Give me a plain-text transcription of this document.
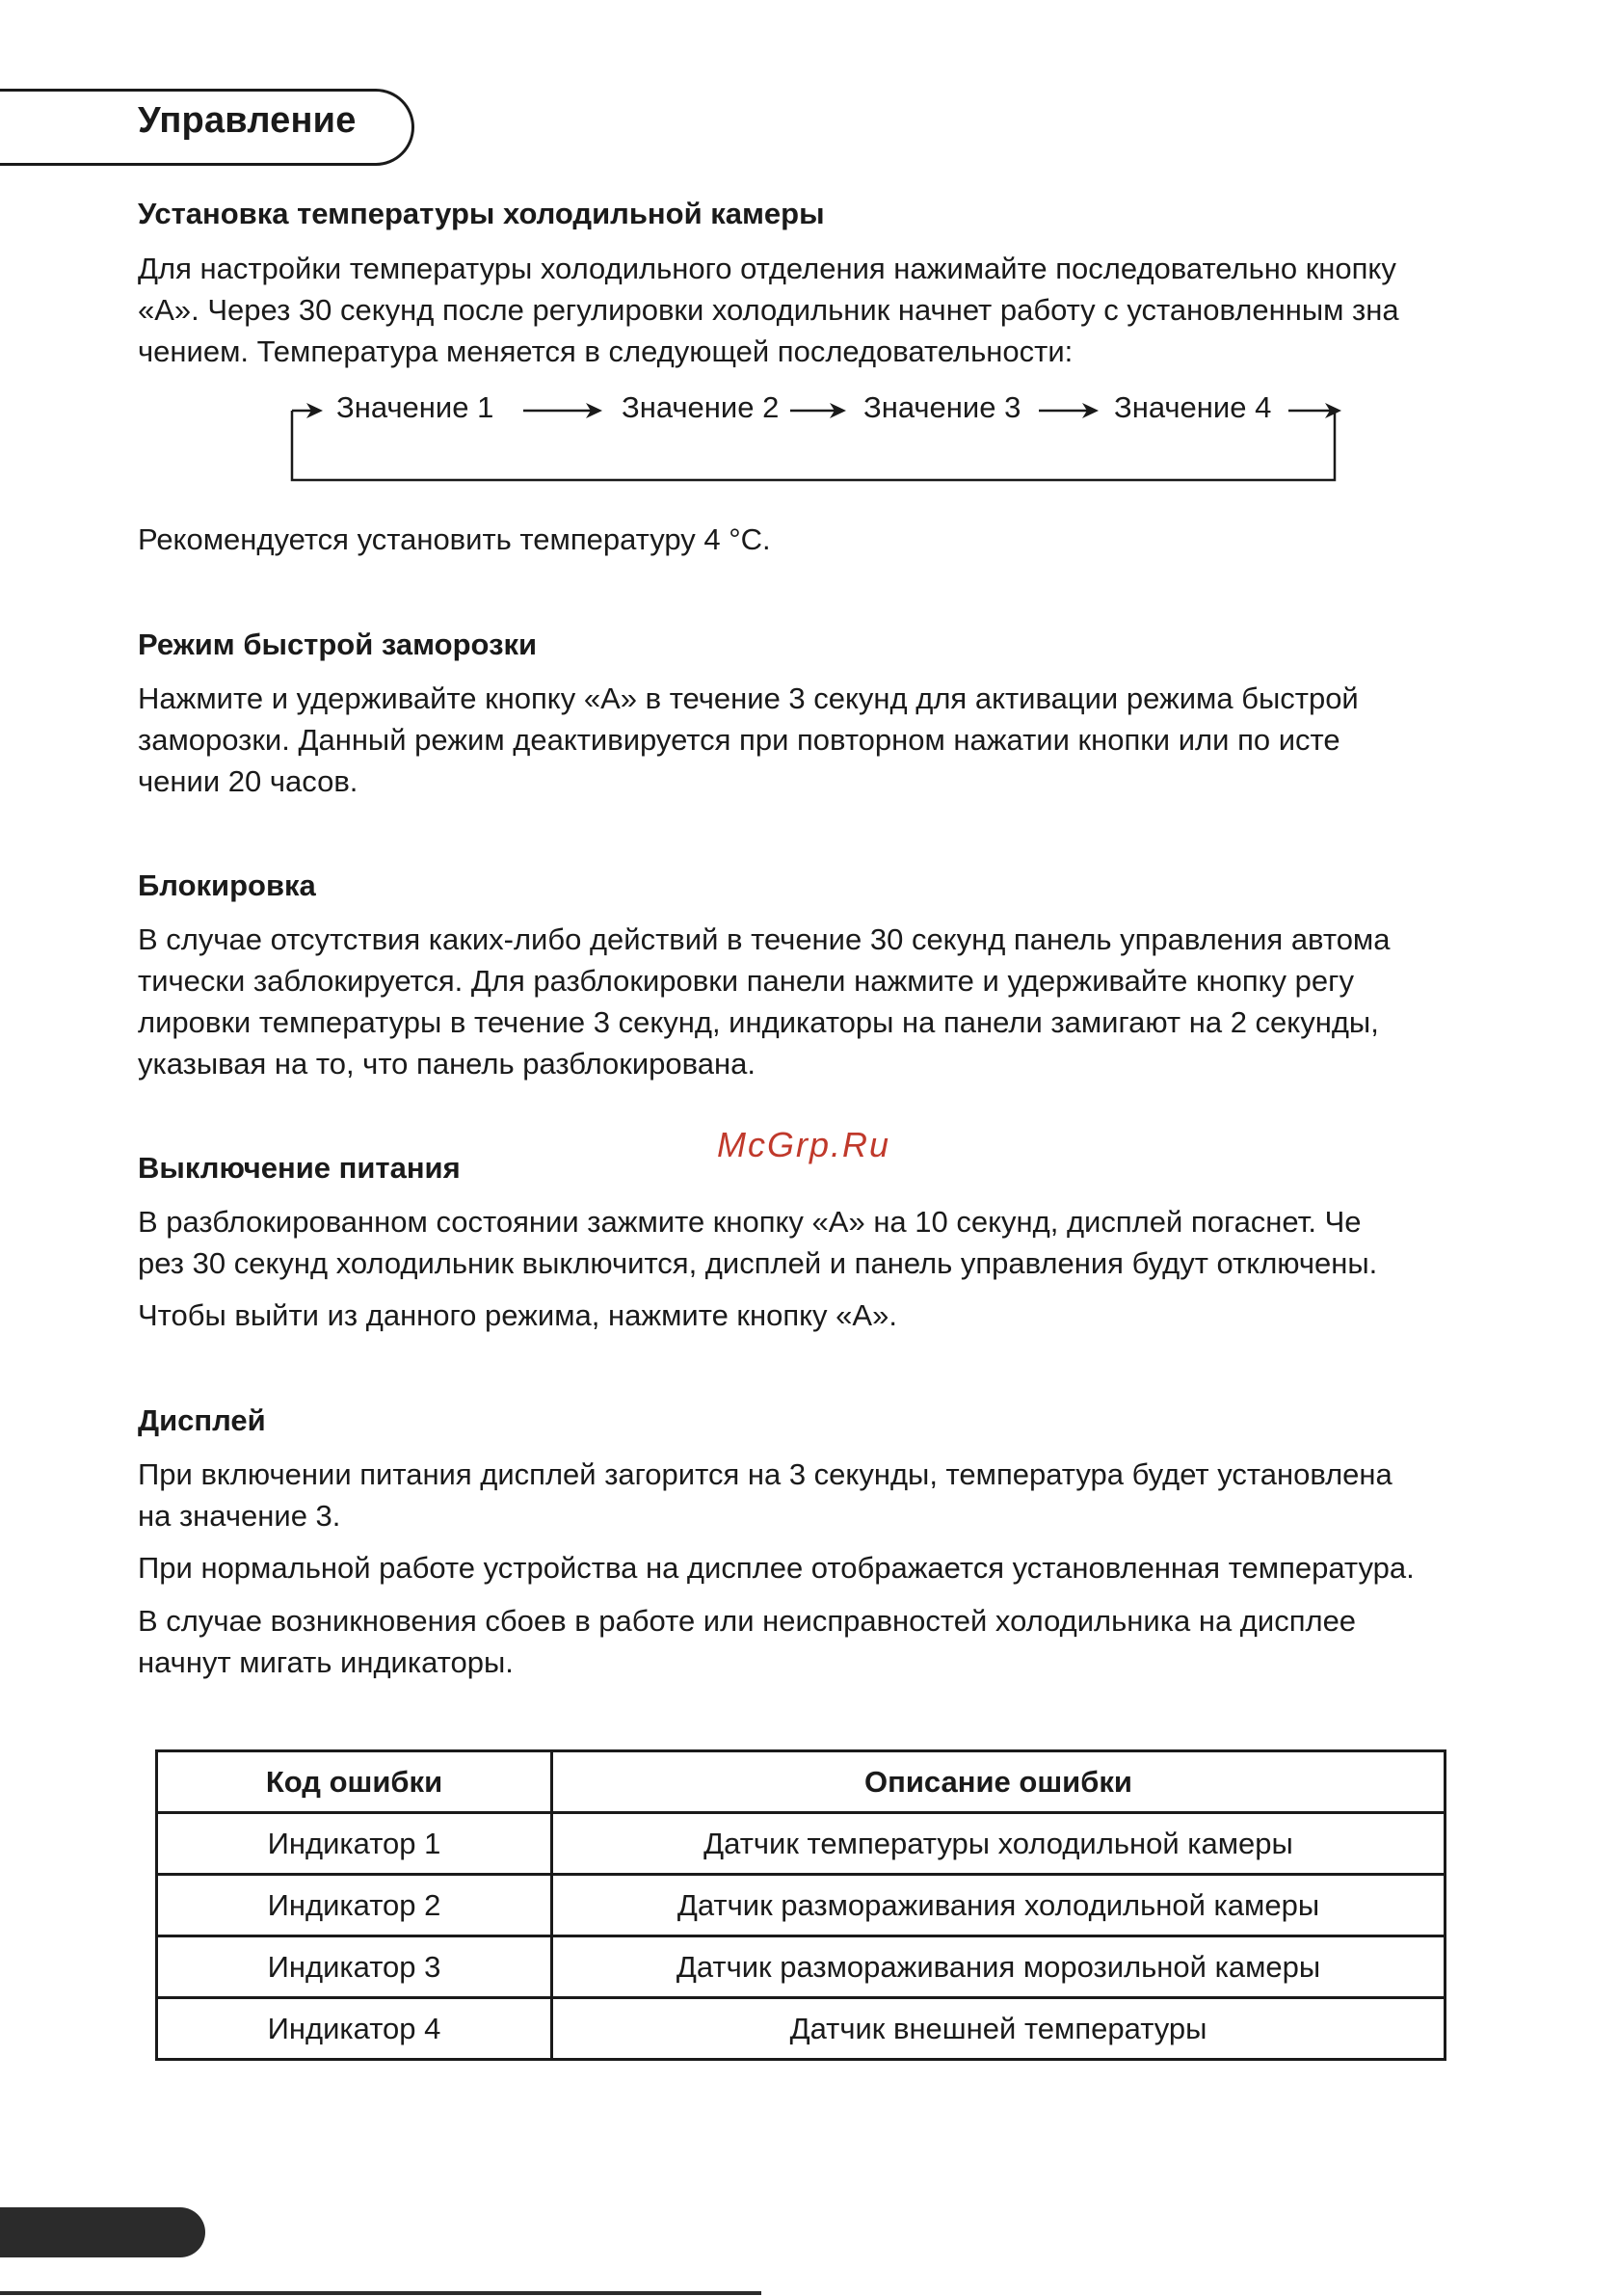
Управление
Установка температуры холодильной камеры
Для настройки температуры холодильного отделения нажимайте последовательно кнопку
«А». Через 30 секунд после регулировки холодильник начнет работу с установленным зна
чением. Температура меняется в следующей последовательности:
Значение 1	Значение 2	Значение 3	Значение 4
Рекомендуется установить температуру 4 °С.
Режим быстрой заморозки
Нажмите и удерживайте кнопку «А» в течение 3 секунд для активации режима быстрой
заморозки. Данный режим деактивируется при повторном нажатии кнопки или по исте
чении 20 часов.
Блокировка
В случае отсутствия каких-либо действий в течение 30 секунд панель управления автома
тически заблокируется. Для разблокировки панели нажмите и удерживайте кнопку регу
лировки температуры в течение 3 секунд, индикаторы на панели замигают на 2 секунды,
указывая на то, что панель разблокирована.
McGrp.Ru
Выключение питания
В разблокированном состоянии зажмите кнопку «А» на 10 секунд, дисплей погаснет. Че
рез 30 секунд холодильник выключится, дисплей и панель управления будут отключены.
Чтобы выйти из данного режима, нажмите кнопку «А».
Дисплей
При включении питания дисплей загорится на 3 секунды, температура будет установлена
на значение 3.
При нормальной работе устройства на дисплее отображается установленная температура.
В случае возникновения сбоев в работе или неисправностей холодильника на дисплее
начнут мигать индикаторы.
Код ошибки	Описание ошибки
Индикатор 1	Датчик температуры холодильной камеры
Индикатор 2	Датчик размораживания холодильной камеры
Индикатор 3	Датчик размораживания морозильной камеры
Индикатор 4	Датчик внешней температуры
